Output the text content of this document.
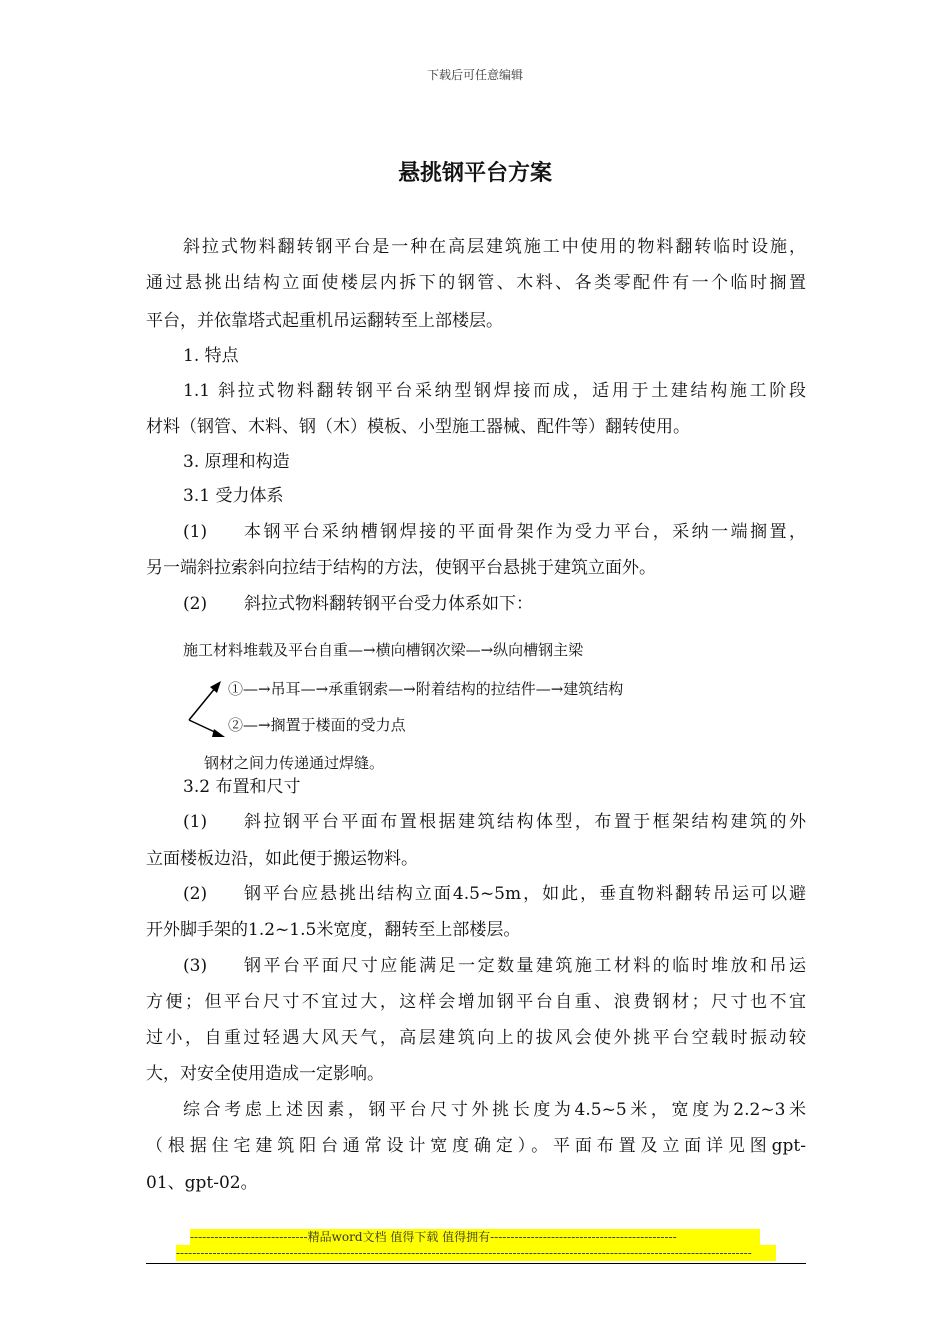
下载后可任意编辑
悬挑钢平台方案
斜拉式物料翻转钢平台是一种在高层建筑施工中使用的物料翻转临时设施，
通过悬挑出结构立面使楼层内拆下的钢管、木料、各类零配件有一个临时搁置
平台，并依靠塔式起重机吊运翻转至上部楼层。
1. 特点
1.1 斜拉式物料翻转钢平台采纳型钢焊接而成，适用于土建结构施工阶段
材料（钢管、木料、钢（木）模板、小型施工器械、配件等）翻转使用。
3. 原理和构造
3.1 受力体系
(1) 本钢平台采纳槽钢焊接的平面骨架作为受力平台，采纳一端搁置，
另一端斜拉索斜向拉结于结构的方法，使钢平台悬挑于建筑立面外。
(2) 斜拉式物料翻转钢平台受力体系如下：
施工材料堆载及平台自重—→横向槽钢次梁—→纵向槽钢主梁
①—→吊耳—→承重钢索—→附着结构的拉结件—→建筑结构
②—→搁置于楼面的受力点
钢材之间力传递通过焊缝。
3.2 布置和尺寸
(1) 斜拉钢平台平面布置根据建筑结构体型，布置于框架结构建筑的外
立面楼板边沿，如此便于搬运物料。
(2) 钢平台应悬挑出结构立面4.5~5m，如此，垂直物料翻转吊运可以避
开外脚手架的1.2~1.5米宽度，翻转至上部楼层。
(3) 钢平台平面尺寸应能满足一定数量建筑施工材料的临时堆放和吊运
方便；但平台尺寸不宜过大，这样会增加钢平台自重、浪费钢材；尺寸也不宜
过小，自重过轻遇大风天气，高层建筑向上的拔风会使外挑平台空载时振动较
大，对安全使用造成一定影响。
综合考虑上述因素，钢平台尺寸外挑长度为4.5~5米，宽度为2.2~3米
（根据住宅建筑阳台通常设计宽度确定）。平面布置及立面详见图gpt-
01、gpt-02。
-----------------------------精品word文档 值得下载 值得拥有----------------------------------------------
----------------------------------------------------------------------------------------------------------------------------------------------
